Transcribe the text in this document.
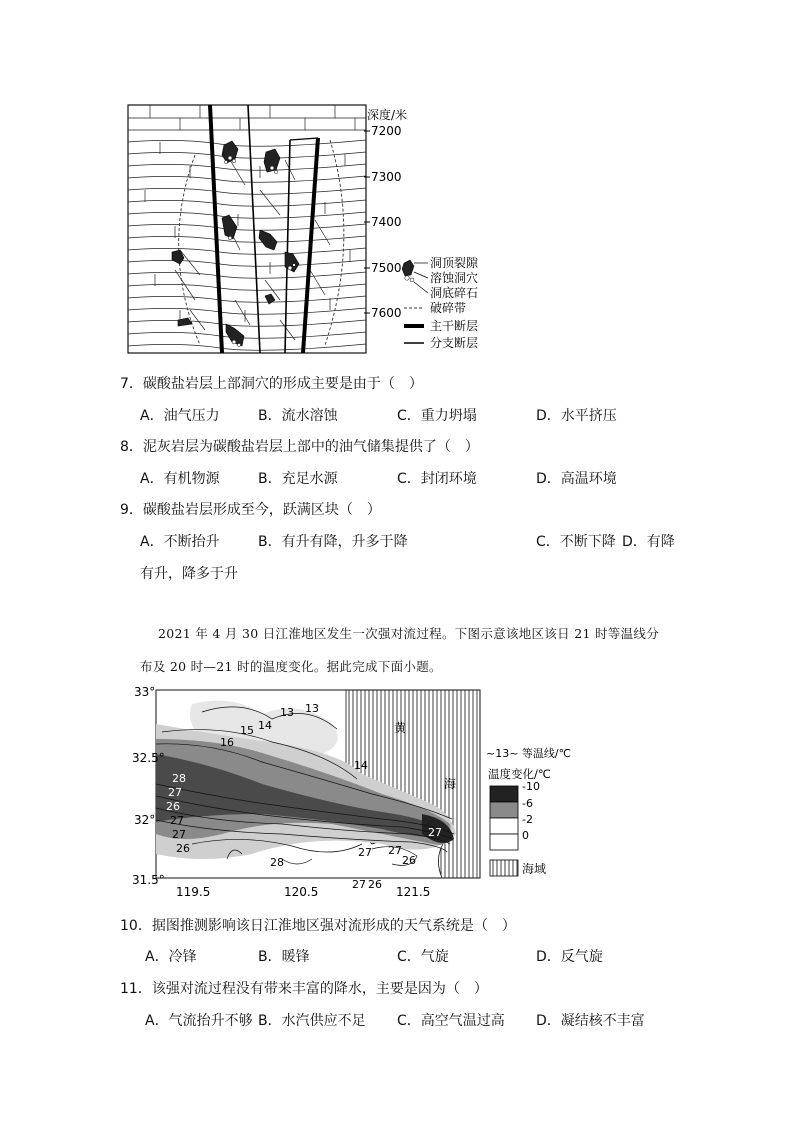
深度/米
7200
7300
7400
7500
7600
洞顶裂隙
溶蚀洞穴
洞底碎石
破碎带
主干断层
分支断层
7．碳酸盐岩层上部洞穴的形成主要是由于（　）
A．油气压力	B．流水溶蚀	C．重力坍塌	D．水平挤压
8．泥灰岩层为碳酸盐岩层上部中的油气储集提供了（　）
A．有机物源	B．充足水源	C．封闭环境	D．高温环境
9．碳酸盐岩层形成至今，跃满区块（　）
A．不断抬升	B．有升有降，升多于降	C．不断下降 D．有降
有升，降多于升
2021 年 4 月 30 日江淮地区发生一次强对流过程。下图示意该地区该日 21 时等温线分
布及 20 时—21 时的温度变化。据此完成下面小题。
14
13 13
15
16
14
28
27
26
27
27
26
28
27
27
26
27
黄
海
33°
32.5°
32°
31.5°
119.5	120.5	121.5
27 26
~13~ 等温线/℃
温度变化/℃
-10
-6
-2
0
海域
10．据图推测影响该日江淮地区强对流形成的天气系统是（　）
A．冷锋	B．暖锋	C．气旋	D．反气旋
11．该强对流过程没有带来丰富的降水，主要是因为（　）
A．气流抬升不够 B．水汽供应不足 C．高空气温过高 D．凝结核不丰富
